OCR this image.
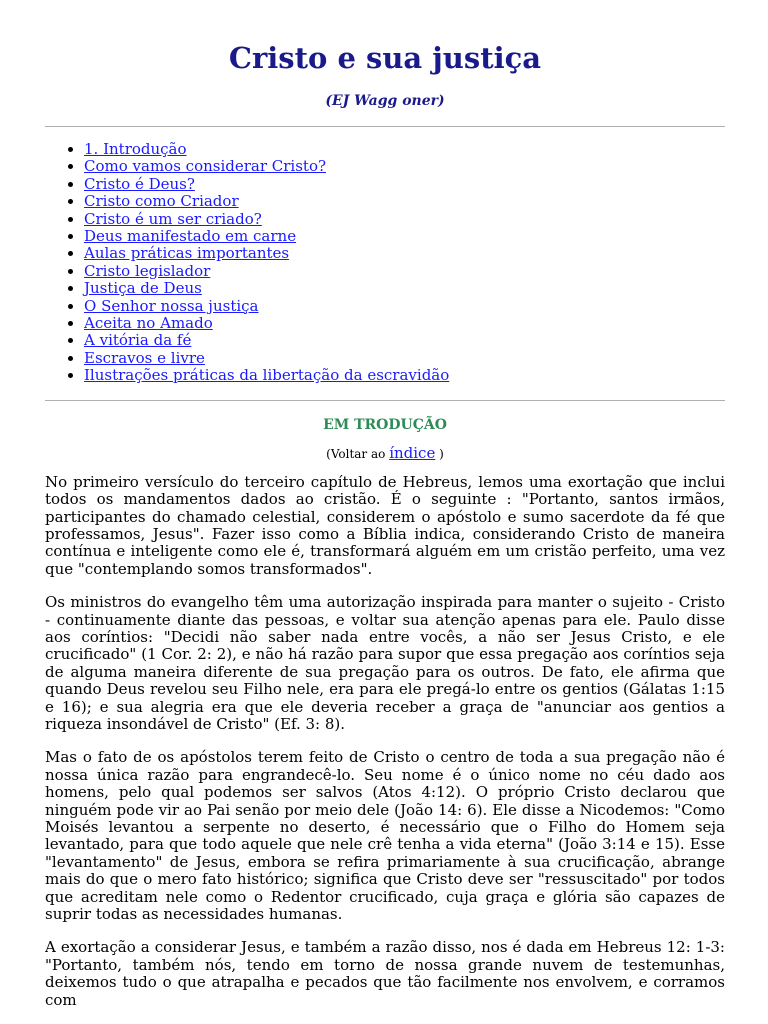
Cristo e sua justiça
(EJ Wagg oner)
• 1. Introdução
• Como vamos considerar Cristo?
• Cristo é Deus?
• Cristo como Criador
• Cristo é um ser criado?
• Deus manifestado em carne
• Aulas práticas importantes
• Cristo legislador
• Justiça de Deus
• O Senhor nossa justiça
• Aceita no Amado
• A vitória da fé
• Escravos e livre
• Ilustrações práticas da libertação da escravidão
EM TRODUÇÃO
(Voltar ao índice )

No primeiro versículo do terceiro capítulo de Hebreus, lemos uma exortação que inclui todos os mandamentos dados ao cristão. É o seguinte : "Portanto, santos irmãos, participantes do chamado celestial, considerem o apóstolo e sumo sacerdote da fé que professamos, Jesus". Fazer isso como a Bíblia indica, considerando Cristo de maneira contínua e inteligente como ele é, transformará alguém em um cristão perfeito, uma vez que "contemplando somos transformados".

Os ministros do evangelho têm uma autorização inspirada para manter o sujeito - Cristo - continuamente diante das pessoas, e voltar sua atenção apenas para ele. Paulo disse aos coríntios: "Decidi não saber nada entre vocês, a não ser Jesus Cristo, e ele crucificado" (1 Cor. 2: 2), e não há razão para supor que essa pregação aos coríntios seja de alguma maneira diferente de sua pregação para os outros. De fato, ele afirma que quando Deus revelou seu Filho nele, era para ele pregá-lo entre os gentios (Gálatas 1:15 e 16); e sua alegria era que ele deveria receber a graça de "anunciar aos gentios a riqueza insondável de Cristo" (Ef. 3: 8).

Mas o fato de os apóstolos terem feito de Cristo o centro de toda a sua pregação não é nossa única razão para engrandecê-lo. Seu nome é o único nome no céu dado aos homens, pelo qual podemos ser salvos (Atos 4:12). O próprio Cristo declarou que ninguém pode vir ao Pai senão por meio dele (João 14: 6). Ele disse a Nicodemos: "Como Moisés levantou a serpente no deserto, é necessário que o Filho do Homem seja levantado, para que todo aquele que nele crê tenha a vida eterna" (João 3:14 e 15). Esse "levantamento" de Jesus, embora se refira primariamente à sua crucificação, abrange mais do que o mero fato histórico; significa que Cristo deve ser "ressuscitado" por todos que acreditam nele como o Redentor crucificado, cuja graça e glória são capazes de suprir todas as necessidades humanas.

A exortação a considerar Jesus, e também a razão disso, nos é dada em Hebreus 12: 1-3: "Portanto, também nós, tendo em torno de nossa grande nuvem de testemunhas, deixemos tudo o que atrapalha e pecados que tão facilmente nos envolvem, e corramos com
